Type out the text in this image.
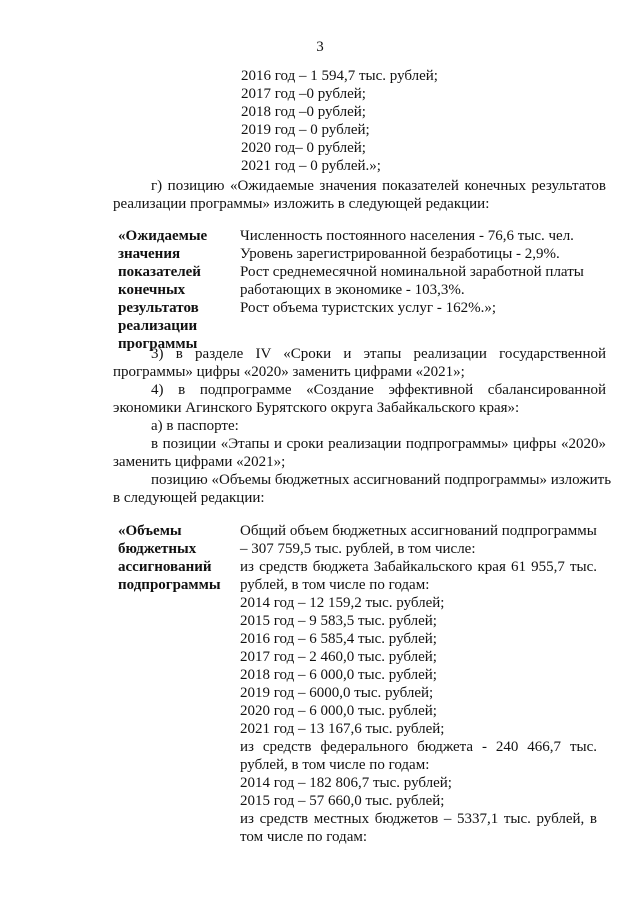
3
2016 год – 1 594,7 тыс. рублей;
2017 год –0 рублей;
2018 год –0 рублей;
2019 год – 0 рублей;
2020 год– 0 рублей;
2021 год – 0 рублей.»;
г) позицию «Ожидаемые значения показателей конечных результатов
реализации программы» изложить в следующей редакции:
«Ожидаемые
значения
показателей
конечных
результатов
реализации
программы
Численность постоянного населения - 76,6 тыс. чел.
Уровень зарегистрированной безработицы - 2,9%.
Рост среднемесячной номинальной заработной платы
работающих в экономике - 103,3%.
Рост объема туристских услуг - 162%.»;
3) в разделе IV «Сроки и этапы реализации государственной
программы» цифры «2020» заменить цифрами «2021»;
4) в подпрограмме «Создание эффективной сбалансированной
экономики Агинского Бурятского округа Забайкальского края»:
а) в паспорте:
в позиции «Этапы и сроки реализации подпрограммы» цифры «2020»
заменить цифрами «2021»;
позицию «Объемы бюджетных ассигнований подпрограммы» изложить
в следующей редакции:
«Объемы
бюджетных
ассигнований
подпрограммы
Общий объем бюджетных ассигнований подпрограммы
– 307 759,5 тыс. рублей, в том числе:
из средств бюджета Забайкальского края 61 955,7 тыс.
рублей, в том числе по годам:
2014 год – 12 159,2 тыс. рублей;
2015 год – 9 583,5 тыс. рублей;
2016 год – 6 585,4 тыс. рублей;
2017 год – 2 460,0 тыс. рублей;
2018 год – 6 000,0 тыс. рублей;
2019 год – 6000,0 тыс. рублей;
2020 год – 6 000,0 тыс. рублей;
2021 год – 13 167,6 тыс. рублей;
из средств федерального бюджета - 240 466,7 тыс.
рублей, в том числе по годам:
2014 год – 182 806,7 тыс. рублей;
2015 год – 57 660,0 тыс. рублей;
из средств местных бюджетов – 5337,1 тыс. рублей, в
том числе по годам:
